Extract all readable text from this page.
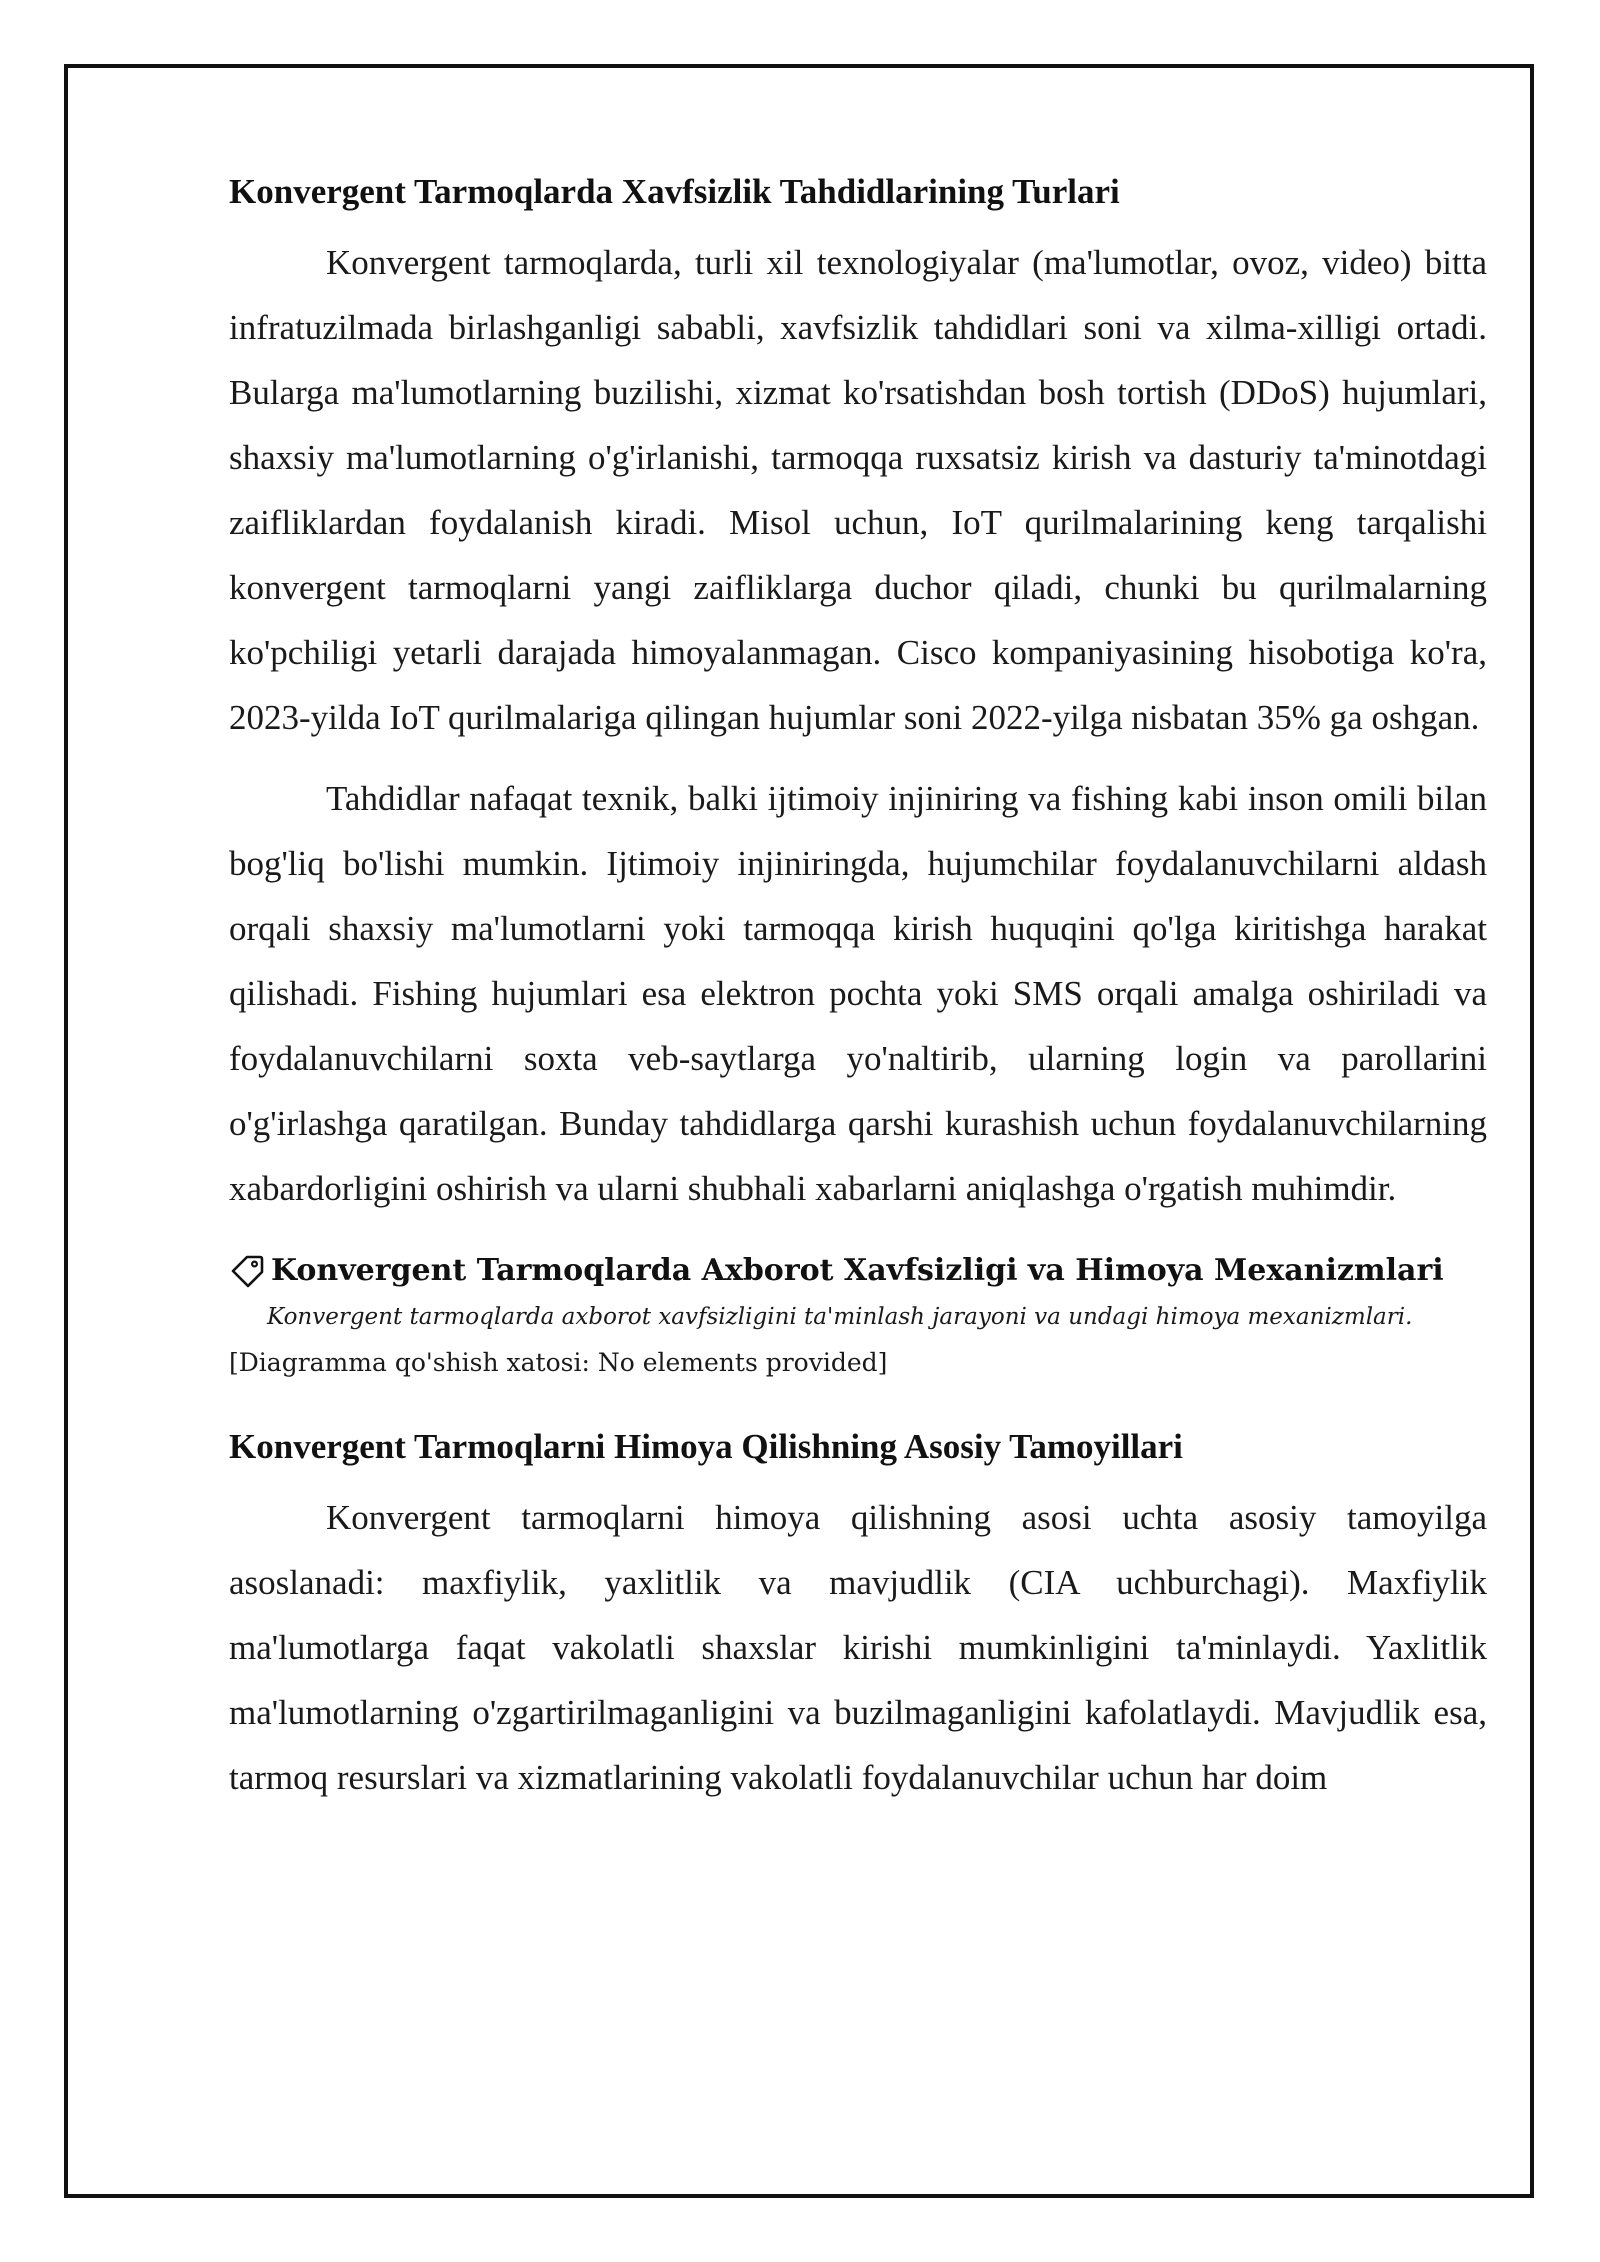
Konvergent Tarmoqlarda Xavfsizlik Tahdidlarining Turlari

Konvergent tarmoqlarda, turli xil texnologiyalar (ma'lumotlar, ovoz, video) bitta infratuzilmada birlashganligi sababli, xavfsizlik tahdidlari soni va xilma-xilligi ortadi. Bularga ma'lumotlarning buzilishi, xizmat ko'rsatishdan bosh tortish (DDoS) hujumlari, shaxsiy ma'lumotlarning o'g'irlanishi, tarmoqqa ruxsatsiz kirish va dasturiy ta'minotdagi zaifliklardan foydalanish kiradi. Misol uchun, IoT qurilmalarining keng tarqalishi konvergent tarmoqlarni yangi zaifliklarga duchor qiladi, chunki bu qurilmalarning ko'pchiligi yetarli darajada himoyalanmagan. Cisco kompaniyasining hisobotiga ko'ra, 2023-yilda IoT qurilmalariga qilingan hujumlar soni 2022-yilga nisbatan 35% ga oshgan.

Tahdidlar nafaqat texnik, balki ijtimoiy injiniring va fishing kabi inson omili bilan bog'liq bo'lishi mumkin. Ijtimoiy injiniringda, hujumchilar foydalanuvchilarni aldash orqali shaxsiy ma'lumotlarni yoki tarmoqqa kirish huquqini qo'lga kiritishga harakat qilishadi. Fishing hujumlari esa elektron pochta yoki SMS orqali amalga oshiriladi va foydalanuvchilarni soxta veb-saytlarga yo'naltirib, ularning login va parollarini o'g'irlashga qaratilgan. Bunday tahdidlarga qarshi kurashish uchun foydalanuvchilarning xabardorligini oshirish va ularni shubhali xabarlarni aniqlashga o'rgatish muhimdir.

Konvergent Tarmoqlarda Axborot Xavfsizligi va Himoya Mexanizmlari
Konvergent tarmoqlarda axborot xavfsizligini ta'minlash jarayoni va undagi himoya mexanizmlari.
[Diagramma qo'shish xatosi: No elements provided]
Konvergent Tarmoqlarni Himoya Qilishning Asosiy Tamoyillari

Konvergent tarmoqlarni himoya qilishning asosi uchta asosiy tamoyilga asoslanadi: maxfiylik, yaxlitlik va mavjudlik (CIA uchburchagi). Maxfiylik ma'lumotlarga faqat vakolatli shaxslar kirishi mumkinligini ta'minlaydi. Yaxlitlik ma'lumotlarning o'zgartirilmaganligini va buzilmaganligini kafolatlaydi. Mavjudlik esa, tarmoq resurslari va xizmatlarining vakolatli foydalanuvchilar uchun har doim
